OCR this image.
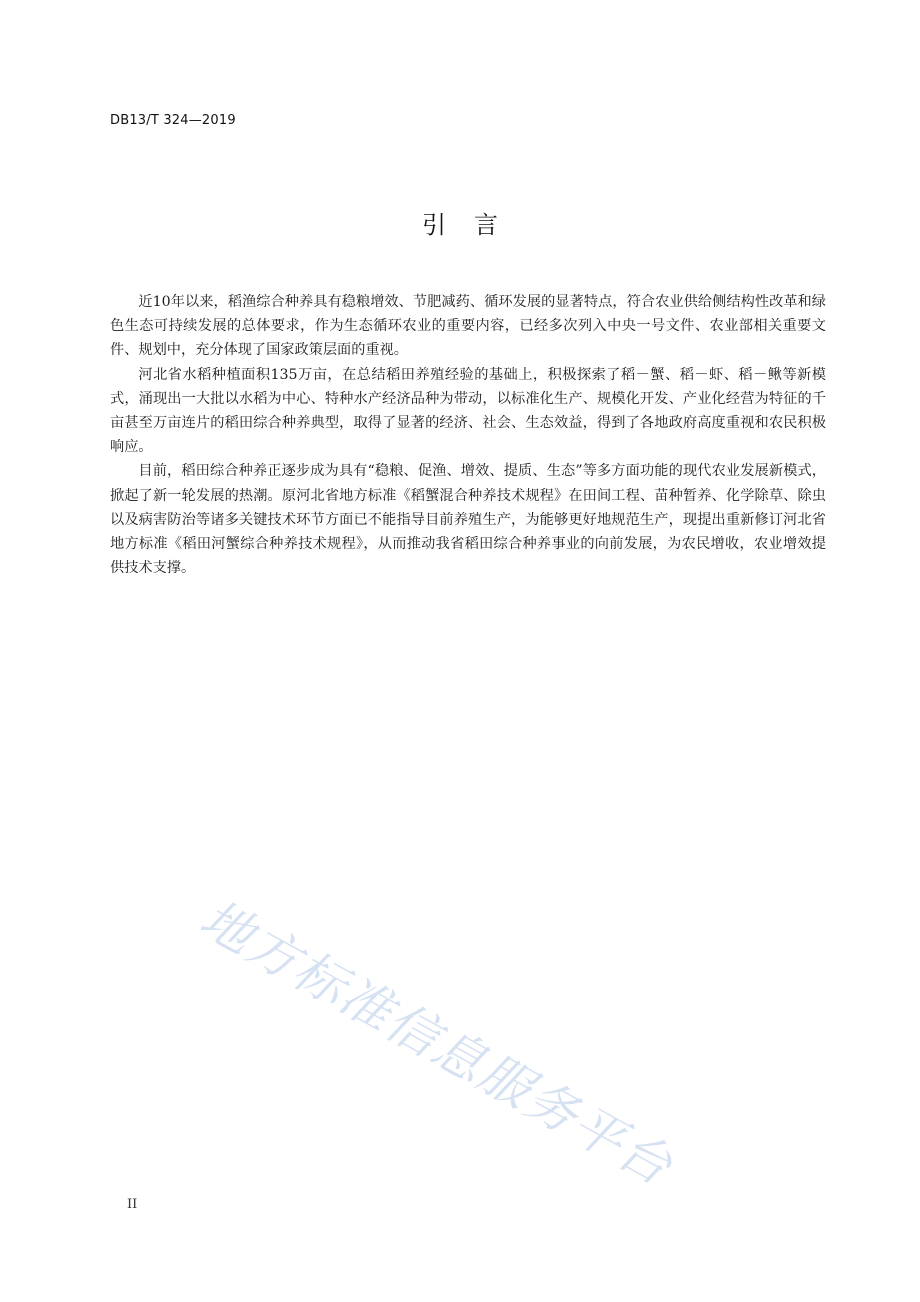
DB13/T 324—2019
引言

近10年以来，稻渔综合种养具有稳粮增效、节肥减药、循环发展的显著特点，符合农业供给侧结构性改革和绿色生态可持续发展的总体要求，作为生态循环农业的重要内容，已经多次列入中央一号文件、农业部相关重要文件、规划中，充分体现了国家政策层面的重视。

河北省水稻种植面积135万亩，在总结稻田养殖经验的基础上，积极探索了稻－蟹、稻－虾、稻－鳅等新模式，涌现出一大批以水稻为中心、特种水产经济品种为带动，以标准化生产、规模化开发、产业化经营为特征的千亩甚至万亩连片的稻田综合种养典型，取得了显著的经济、社会、生态效益，得到了各地政府高度重视和农民积极响应。

目前，稻田综合种养正逐步成为具有“稳粮、促渔、增效、提质、生态”等多方面功能的现代农业发展新模式，掀起了新一轮发展的热潮。原河北省地方标准《稻蟹混合种养技术规程》在田间工程、苗种暂养、化学除草、除虫以及病害防治等诸多关键技术环节方面已不能指导目前养殖生产，为能够更好地规范生产，现提出重新修订河北省地方标准《稻田河蟹综合种养技术规程》，从而推动我省稻田综合种养事业的向前发展，为农民增收，农业增效提供技术支撑。

地方标准信息服务平台
II
